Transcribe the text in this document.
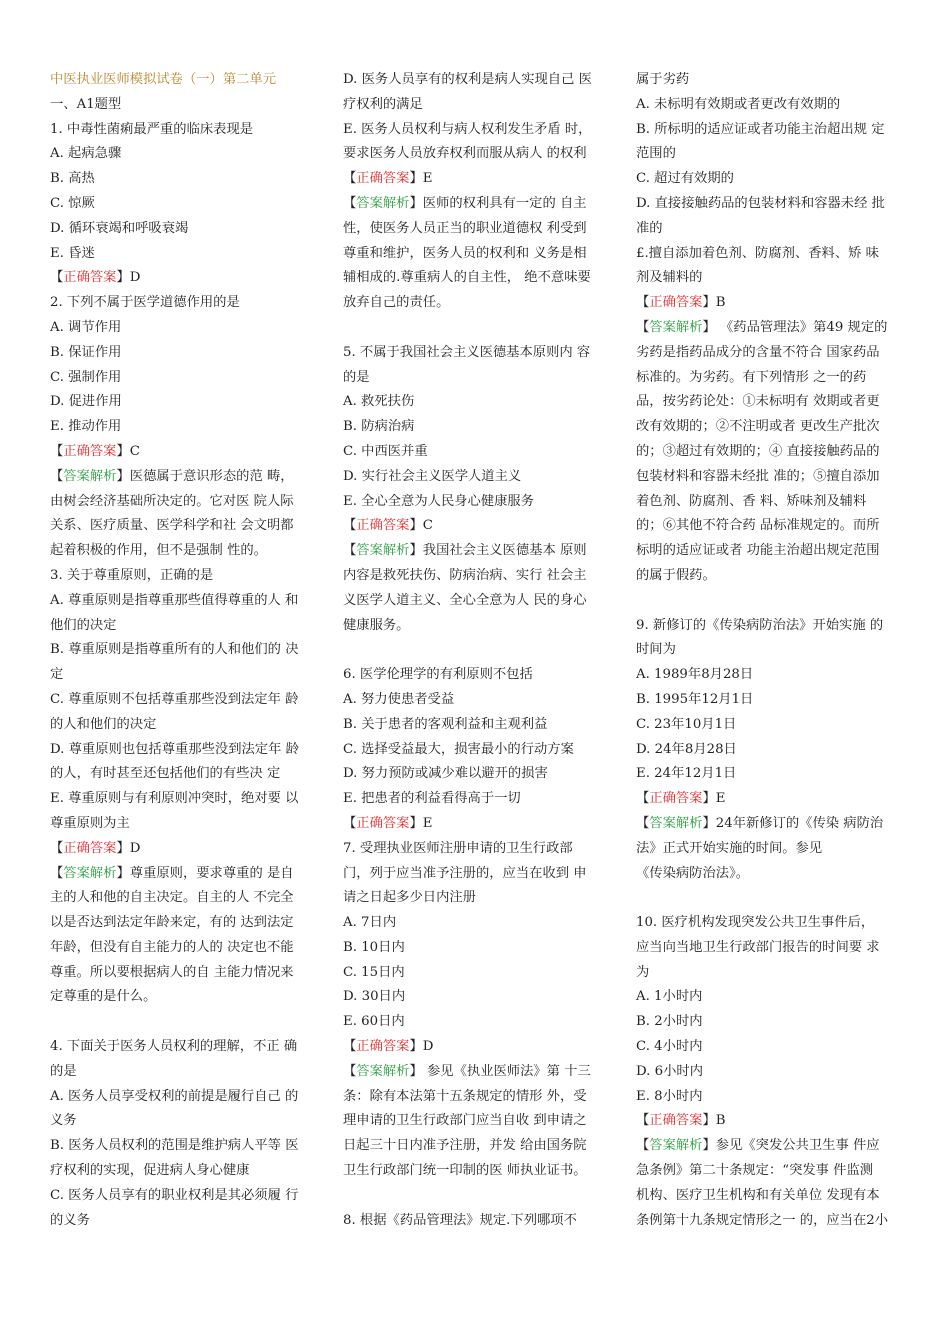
中医执业医师模拟试卷（一）第二单元
一、A1题型
1. 中毒性菌痢最严重的临床表现是
A. 起病急骤
B. 高热
C. 惊厥
D. 循环衰竭和呼吸衰竭
E. 昏迷
【正确答案】D
2. 下列不属于医学道德作用的是
A. 调节作用
B. 保证作用
C. 强制作用
D. 促进作用
E. 推动作用
【正确答案】C
【答案解析】医德属于意识形态的范 畴，
由树会经济基础所决定的。它对医 院人际
关系、医疗质量、医学科学和社 会文明都
起着积极的作用，但不是强制 性的。
3. 关于尊重原则，正确的是
A. 尊重原则是指尊重那些值得尊重的人 和
他们的决定
B. 尊重原则是指尊重所有的人和他们的 决
定
C. 尊重原则不包括尊重那些没到法定年 龄
的人和他们的决定
D. 尊重原则也包括尊重那些没到法定年 龄
的人，有时甚至还包括他们的有些决 定
E. 尊重原则与有利原则冲突时，绝对要 以
尊重原则为主
【正确答案】D
【答案解析】尊重原则，要求尊重的 是自
主的人和他的自主决定。自主的人 不完全
以是否达到法定年龄来定，有的 达到法定
年龄，但没有自主能力的人的 决定也不能
尊重。所以要根据病人的自 主能力情况来
定尊重的是什么。
4. 下面关于医务人员权利的理解，不正 确
的是
A. 医务人员享受权利的前提是履行自己 的
义务
B. 医务人员权利的范围是维护病人平等 医
疗权利的实现，促进病人身心健康
C. 医务人员享有的职业权利是其必须履 行
的义务
D. 医务人员享有的权利是病人实现自己 医
疗权利的满足
E. 医务人员权利与病人权利发生矛盾 时，
要求医务人员放弃权利而服从病人 的权利
【正确答案】E
【答案解析】医师的权利具有一定的 自主
性，使医务人员正当的职业道德权 利受到
尊重和维护，医务人员的权利和 义务是相
辅相成的.尊重病人的自主性， 绝不意味要
放弃自己的责任。
5. 不属于我国社会主义医德基本原则内 容
的是
A. 救死扶伤
B. 防病治病
C. 中西医并重
D. 实行社会主义医学人道主义
E. 全心全意为人民身心健康服务
【正确答案】C
【答案解析】我国社会主义医德基本 原则
内容是救死扶伤、防病治病、实行 社会主
义医学人道主义、全心全意为人 民的身心
健康服务。
6. 医学伦理学的有利原则不包括
A. 努力使患者受益
B. 关于患者的客观利益和主观利益
C. 选择受益最大，损害最小的行动方案
D. 努力预防或减少难以避开的损害
E. 把患者的利益看得高于一切
【正确答案】E
7. 受理执业医师注册申请的卫生行政部
门，列于应当准予注册的，应当在收到 申
请之日起多少日内注册
A. 7日内
B. 10日内
C. 15日内
D. 30日内
E. 60日内
【正确答案】D
【答案解析】 参见《执业医师法》第 十三
条：除有本法第十五条规定的情形 外，受
理申请的卫生行政部门应当自收 到申请之
日起三十日内准予注册，并发 给由国务院
卫生行政部门统一印制的医 师执业证书。
8. 根据《药品管理法》规定.下列哪项不
属于劣药
A. 未标明有效期或者更改有效期的
B. 所标明的适应证或者功能主治超出规 定
范围的
C. 超过有效期的
D. 直接接触药品的包装材料和容器未经 批
准的
£.擅自添加着色剂、防腐剂、香料、矫 味
剂及辅料的
【正确答案】B
【答案解析】 《药品管理法》第49 规定的
劣药是指药品成分的含量不符合 国家药品
标准的。为劣药。有下列情形 之一的药
品，按劣药论处：①未标明有 效期或者更
改有效期的；②不注明或者 更改生产批次
的；③超过有效期的；④ 直接接触药品的
包装材料和容器未经批 准的；⑤擅自添加
着色剂、防腐剂、香 料、矫味剂及辅料
的；⑥其他不符合药 品标准规定的。而所
标明的适应证或者 功能主治超出规定范围
的属于假药。
9. 新修订的《传染病防治法》开始实施 的
时间为
A. 1989年8月28日
B. 1995年12月1日
C. 23年10月1日
D. 24年8月28日
E. 24年12月1日
【正确答案】E
【答案解析】24年新修订的《传染 病防治
法》正式开始实施的时间。参见
《传染病防治法》。
10. 医疗机构发现突发公共卫生事件后，
应当向当地卫生行政部门报告的时间要 求
为
A. 1小时内
B. 2小时内
C. 4小时内
D. 6小时内
E. 8小时内
【正确答案】B
【答案解析】参见《突发公共卫生事 件应
急条例》第二十条规定：“突发事 件监测
机构、医疗卫生机构和有关单位 发现有本
条例第十九条规定情形之一 的，应当在2小
